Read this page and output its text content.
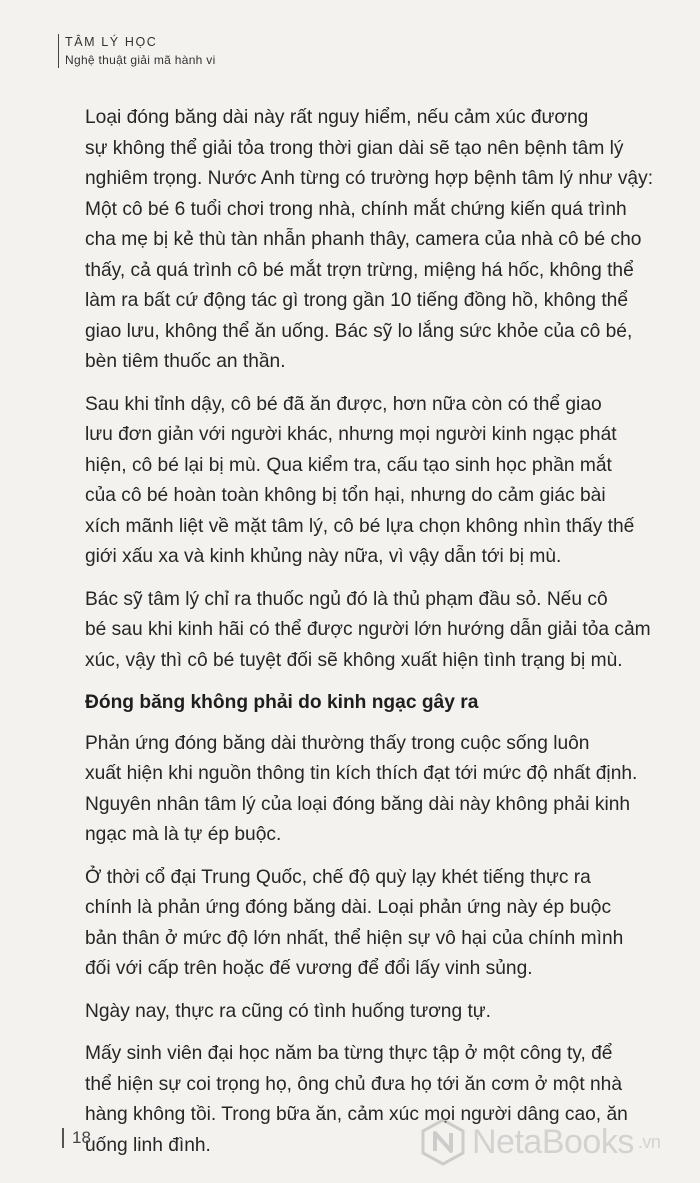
TÂM LÝ HỌC
Nghệ thuật giải mã hành vi

Loại đóng băng dài này rất nguy hiểm, nếu cảm xúc đương
sự không thể giải tỏa trong thời gian dài sẽ tạo nên bệnh tâm lý
nghiêm trọng. Nước Anh từng có trường hợp bệnh tâm lý như vậy:
Một cô bé 6 tuổi chơi trong nhà, chính mắt chứng kiến quá trình
cha mẹ bị kẻ thù tàn nhẫn phanh thây, camera của nhà cô bé cho
thấy, cả quá trình cô bé mắt trợn trừng, miệng há hốc, không thể
làm ra bất cứ động tác gì trong gần 10 tiếng đồng hồ, không thể
giao lưu, không thể ăn uống. Bác sỹ lo lắng sức khỏe của cô bé,
bèn tiêm thuốc an thần.

Sau khi tỉnh dậy, cô bé đã ăn được, hơn nữa còn có thể giao
lưu đơn giản với người khác, nhưng mọi người kinh ngạc phát
hiện, cô bé lại bị mù. Qua kiểm tra, cấu tạo sinh học phần mắt
của cô bé hoàn toàn không bị tổn hại, nhưng do cảm giác bài
xích mãnh liệt về mặt tâm lý, cô bé lựa chọn không nhìn thấy thế
giới xấu xa và kinh khủng này nữa, vì vậy dẫn tới bị mù.

Bác sỹ tâm lý chỉ ra thuốc ngủ đó là thủ phạm đầu sỏ. Nếu cô
bé sau khi kinh hãi có thể được người lớn hướng dẫn giải tỏa cảm
xúc, vậy thì cô bé tuyệt đối sẽ không xuất hiện tình trạng bị mù.

Đóng băng không phải do kinh ngạc gây ra

Phản ứng đóng băng dài thường thấy trong cuộc sống luôn
xuất hiện khi nguồn thông tin kích thích đạt tới mức độ nhất định.
Nguyên nhân tâm lý của loại đóng băng dài này không phải kinh
ngạc mà là tự ép buộc.

Ở thời cổ đại Trung Quốc, chế độ quỳ lạy khét tiếng thực ra
chính là phản ứng đóng băng dài. Loại phản ứng này ép buộc
bản thân ở mức độ lớn nhất, thể hiện sự vô hại của chính mình
đối với cấp trên hoặc đế vương để đổi lấy vinh sủng.

Ngày nay, thực ra cũng có tình huống tương tự.

Mấy sinh viên đại học năm ba từng thực tập ở một công ty, để
thể hiện sự coi trọng họ, ông chủ đưa họ tới ăn cơm ở một nhà
hàng không tồi. Trong bữa ăn, cảm xúc mọi người dâng cao, ăn
uống linh đình.

18	NetaBooks .vn
